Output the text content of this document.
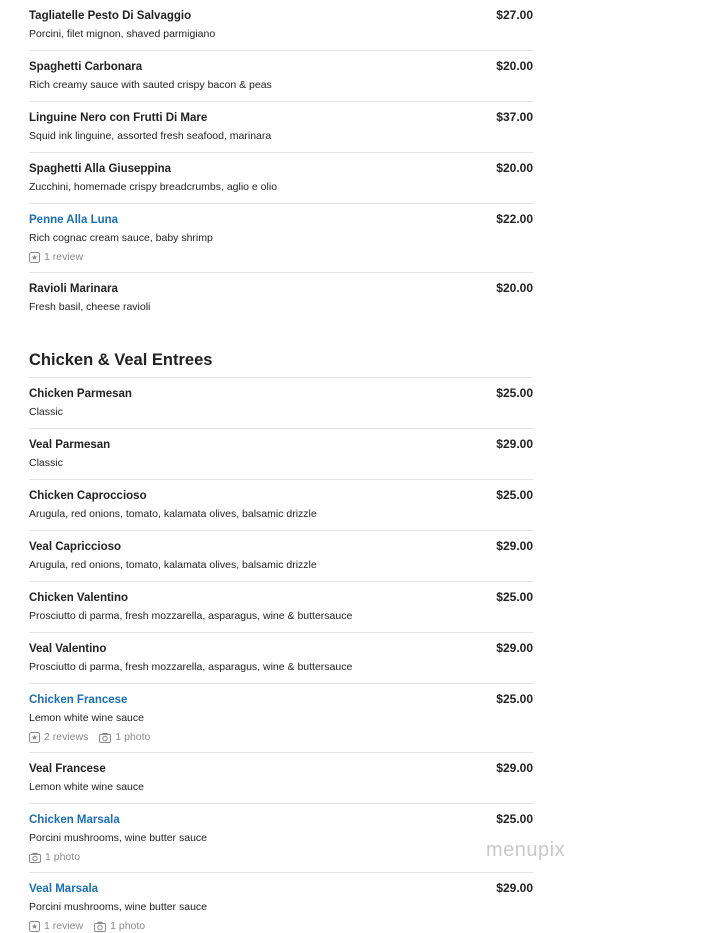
Tagliatelle Pesto Di Salvaggio	$27.00
Porcini, filet mignon, shaved parmigiano
Spaghetti Carbonara	$20.00
Rich creamy sauce with sauted crispy bacon & peas
Linguine Nero con Frutti Di Mare	$37.00
Squid ink linguine, assorted fresh seafood, marinara
Spaghetti Alla Giuseppina	$20.00
Zucchini, homemade crispy breadcrumbs, aglio e olio
Penne Alla Luna	$22.00
Rich cognac cream sauce, baby shrimp
1 review
Ravioli Marinara	$20.00
Fresh basil, cheese ravioli
Chicken & Veal Entrees
Chicken Parmesan	$25.00
Classic
Veal Parmesan	$29.00
Classic
Chicken Caproccioso	$25.00
Arugula, red onions, tomato, kalamata olives, balsamic drizzle
Veal Capriccioso	$29.00
Arugula, red onions, tomato, kalamata olives, balsamic drizzle
Chicken Valentino	$25.00
Prosciutto di parma, fresh mozzarella, asparagus, wine & buttersauce
Veal Valentino	$29.00
Prosciutto di parma, fresh mozzarella, asparagus, wine & buttersauce
Chicken Francese	$25.00
Lemon white wine sauce
2 reviews	1 photo
Veal Francese	$29.00
Lemon white wine sauce
Chicken Marsala	$25.00
Porcini mushrooms, wine butter sauce
1 photo
Veal Marsala	$29.00
Porcini mushrooms, wine butter sauce
1 review	1 photo
menupix
